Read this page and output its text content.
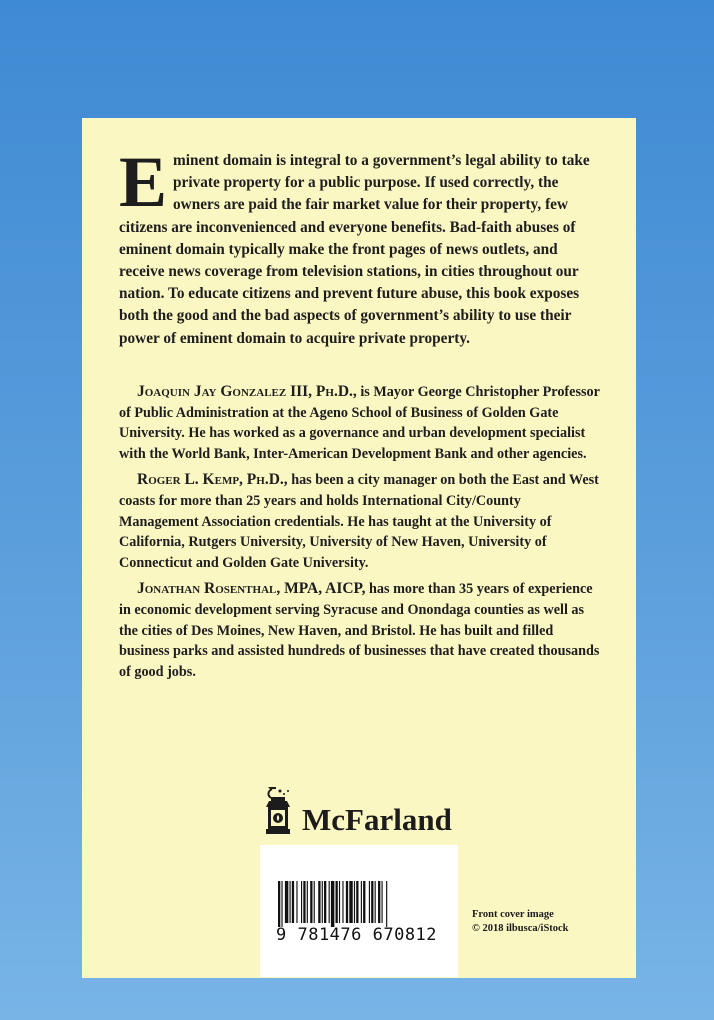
Eminent domain is integral to a government’s legal ability to take private property for a public purpose. If used correctly, the owners are paid the fair market value for their property, few citizens are inconvenienced and everyone benefits. Bad-faith abuses of eminent domain typically make the front pages of news outlets, and receive news coverage from television stations, in cities throughout our nation. To educate citizens and prevent future abuse, this book exposes both the good and the bad aspects of government’s ability to use their power of eminent domain to acquire private property.

Joaquin Jay Gonzalez III, Ph.D., is Mayor George Christopher Professor of Public Administration at the Ageno School of Business of Golden Gate University. He has worked as a governance and urban development specialist with the World Bank, Inter-American Development Bank and other agencies.

Roger L. Kemp, Ph.D., has been a city manager on both the East and West coasts for more than 25 years and holds International City/County Management Association credentials. He has taught at the University of California, Rutgers University, University of New Haven, University of Connecticut and Golden Gate University.

Jonathan Rosenthal, MPA, AICP, has more than 35 years of experience in economic development serving Syracuse and Onondaga counties as well as the cities of Des Moines, New Haven, and Bristol. He has built and filled business parks and assisted hundreds of businesses that have created thousands of good jobs.

McFarland
9 781476 670812
Front cover image
© 2018 ilbusca/iStock
